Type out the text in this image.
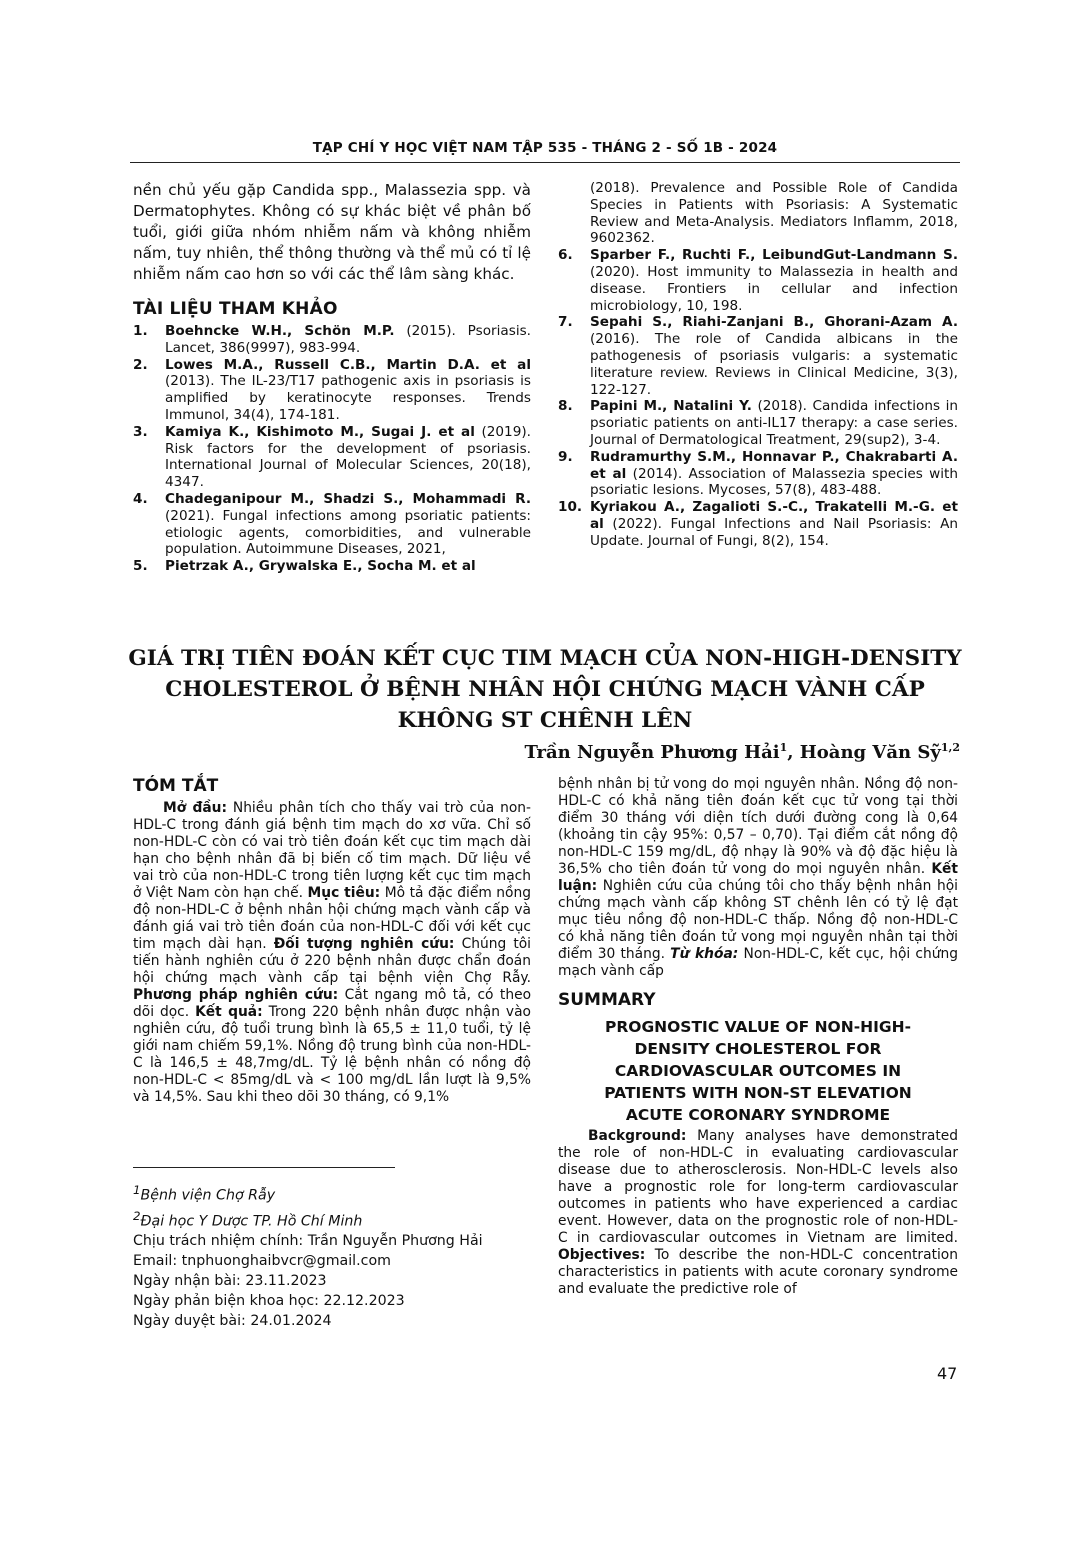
TẠP CHÍ Y HỌC VIỆT NAM TẬP 535 - THÁNG 2 - SỐ 1B - 2024
nền chủ yếu gặp Candida spp., Malassezia spp. và Dermatophytes. Không có sự khác biệt về phân bố tuổi, giới giữa nhóm nhiễm nấm và không nhiễm nấm, tuy nhiên, thể thông thường và thể mủ có tỉ lệ nhiễm nấm cao hơn so với các thể lâm sàng khác.
TÀI LIỆU THAM KHẢO
1.	Boehncke W.H., Schön M.P. (2015). Psoriasis. Lancet, 386(9997), 983-994.
2.	Lowes M.A., Russell C.B., Martin D.A. et al (2013). The IL-23/T17 pathogenic axis in psoriasis is amplified by keratinocyte responses. Trends Immunol, 34(4), 174-181.
3.	Kamiya K., Kishimoto M., Sugai J. et al (2019). Risk factors for the development of psoriasis. International Journal of Molecular Sciences, 20(18), 4347.
4.	Chadeganipour M., Shadzi S., Mohammadi R. (2021). Fungal infections among psoriatic patients: etiologic agents, comorbidities, and vulnerable population. Autoimmune Diseases, 2021,
5.	Pietrzak A., Grywalska E., Socha M. et al
(2018). Prevalence and Possible Role of Candida Species in Patients with Psoriasis: A Systematic Review and Meta-Analysis. Mediators Inflamm, 2018, 9602362.
6.	Sparber F., Ruchti F., LeibundGut-Landmann S. (2020). Host immunity to Malassezia in health and disease. Frontiers in cellular and infection microbiology, 10, 198.
7.	Sepahi S., Riahi-Zanjani B., Ghorani-Azam A. (2016). The role of Candida albicans in the pathogenesis of psoriasis vulgaris: a systematic literature review. Reviews in Clinical Medicine, 3(3), 122-127.
8.	Papini M., Natalini Y. (2018). Candida infections in psoriatic patients on anti-IL17 therapy: a case series. Journal of Dermatological Treatment, 29(sup2), 3-4.
9.	Rudramurthy S.M., Honnavar P., Chakrabarti A. et al (2014). Association of Malassezia species with psoriatic lesions. Mycoses, 57(8), 483-488.
10. Kyriakou A., Zagalioti S.-C., Trakatelli M.-G. et al (2022). Fungal Infections and Nail Psoriasis: An Update. Journal of Fungi, 8(2), 154.
GIÁ TRỊ TIÊN ĐOÁN KẾT CỤC TIM MẠCH CỦA NON-HIGH-DENSITY
CHOLESTEROL Ở BỆNH NHÂN HỘI CHỨNG MẠCH VÀNH CẤP
KHÔNG ST CHÊNH LÊN
Trần Nguyễn Phương Hải$^1$, Hoàng Văn Sỹ$^{1,2}$
TÓM TẮT
Mở đầu: Nhiều phân tích cho thấy vai trò của non-HDL-C trong đánh giá bệnh tim mạch do xơ vữa. Chỉ số non-HDL-C còn có vai trò tiên đoán kết cục tim mạch dài hạn cho bệnh nhân đã bị biến cố tim mạch. Dữ liệu về vai trò của non-HDL-C trong tiên lượng kết cục tim mạch ở Việt Nam còn hạn chế. Mục tiêu: Mô tả đặc điểm nồng độ non-HDL-C ở bệnh nhân hội chứng mạch vành cấp và đánh giá vai trò tiên đoán của non-HDL-C đối với kết cục tim mạch dài hạn. Đối tượng nghiên cứu: Chúng tôi tiến hành nghiên cứu ở 220 bệnh nhân được chẩn đoán hội chứng mạch vành cấp tại bệnh viện Chợ Rẫy. Phương pháp nghiên cứu: Cắt ngang mô tả, có theo dõi dọc. Kết quả: Trong 220 bệnh nhân được nhận vào nghiên cứu, độ tuổi trung bình là 65,5 ± 11,0 tuổi, tỷ lệ giới nam chiếm 59,1%. Nồng độ trung bình của non-HDL-C là 146,5 ± 48,7mg/dL. Tỷ lệ bệnh nhân có nồng độ non-HDL-C < 85mg/dL và < 100 mg/dL lần lượt là 9,5% và 14,5%. Sau khi theo dõi 30 tháng, có 9,1%
bệnh nhân bị tử vong do mọi nguyên nhân. Nồng độ non-HDL-C có khả năng tiên đoán kết cục tử vong tại thời điểm 30 tháng với diện tích dưới đường cong là 0,64 (khoảng tin cậy 95%: 0,57 – 0,70). Tại điểm cắt nồng độ non-HDL-C 159 mg/dL, độ nhạy là 90% và độ đặc hiệu là 36,5% cho tiên đoán tử vong do mọi nguyên nhân. Kết luận: Nghiên cứu của chúng tôi cho thấy bệnh nhân hội chứng mạch vành cấp không ST chênh lên có tỷ lệ đạt mục tiêu nồng độ non-HDL-C thấp. Nồng độ non-HDL-C có khả năng tiên đoán tử vong mọi nguyên nhân tại thời điểm 30 tháng. Từ khóa: Non-HDL-C, kết cục, hội chứng mạch vành cấp
SUMMARY
PROGNOSTIC VALUE OF NON-HIGH-DENSITY CHOLESTEROL FOR CARDIOVASCULAR OUTCOMES IN PATIENTS WITH NON-ST ELEVATION ACUTE CORONARY SYNDROME
Background: Many analyses have demonstrated the role of non-HDL-C in evaluating cardiovascular disease due to atherosclerosis. Non-HDL-C levels also have a prognostic role for long-term cardiovascular outcomes in patients who have experienced a cardiac event. However, data on the prognostic role of non-HDL-C in cardiovascular outcomes in Vietnam are limited. Objectives: To describe the non-HDL-C concentration characteristics in patients with acute coronary syndrome and evaluate the predictive role of
$^1$Bệnh viện Chợ Rẫy
$^2$Đại học Y Dược TP. Hồ Chí Minh
Chịu trách nhiệm chính: Trần Nguyễn Phương Hải
Email: tnphuonghaibvcr@gmail.com
Ngày nhận bài: 23.11.2023
Ngày phản biện khoa học: 22.12.2023
Ngày duyệt bài: 24.01.2024
47
